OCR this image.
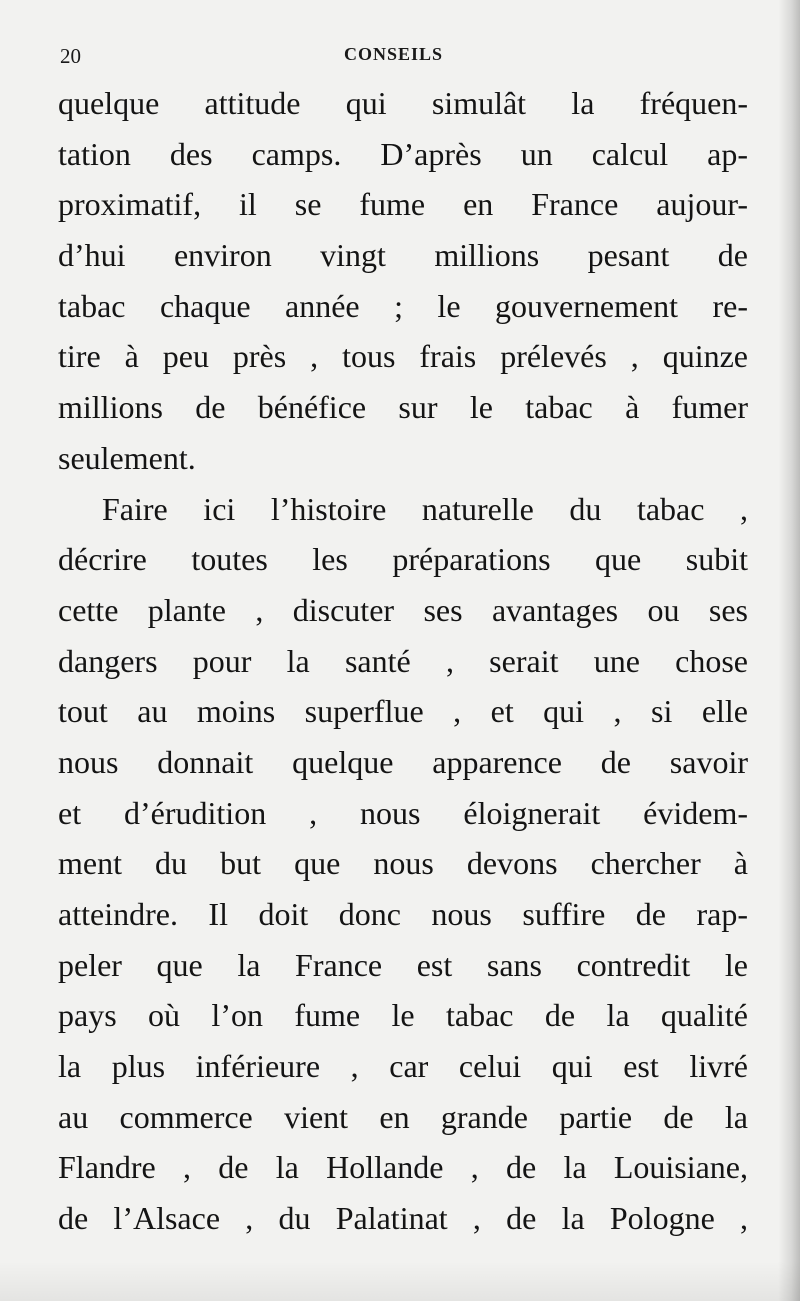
20	CONSEILS
quelque attitude qui simulât la fréquen-
tation des camps. D’après un calcul ap-
proximatif, il se fume en France aujour-
d’hui environ vingt millions pesant de
tabac chaque année ; le gouvernement re-
tire à peu près , tous frais prélevés , quinze
millions de bénéfice sur le tabac à fumer
seulement.
Faire ici l’histoire naturelle du tabac ,
décrire toutes les préparations que subit
cette plante , discuter ses avantages ou ses
dangers pour la santé , serait une chose
tout au moins superflue , et qui , si elle
nous donnait quelque apparence de savoir
et d’érudition , nous éloignerait évidem-
ment du but que nous devons chercher à
atteindre. Il doit donc nous suffire de rap-
peler que la France est sans contredit le
pays où l’on fume le tabac de la qualité
la plus inférieure , car celui qui est livré
au commerce vient en grande partie de la
Flandre , de la Hollande , de la Louisiane,
de l’Alsace , du Palatinat , de la Pologne ,
